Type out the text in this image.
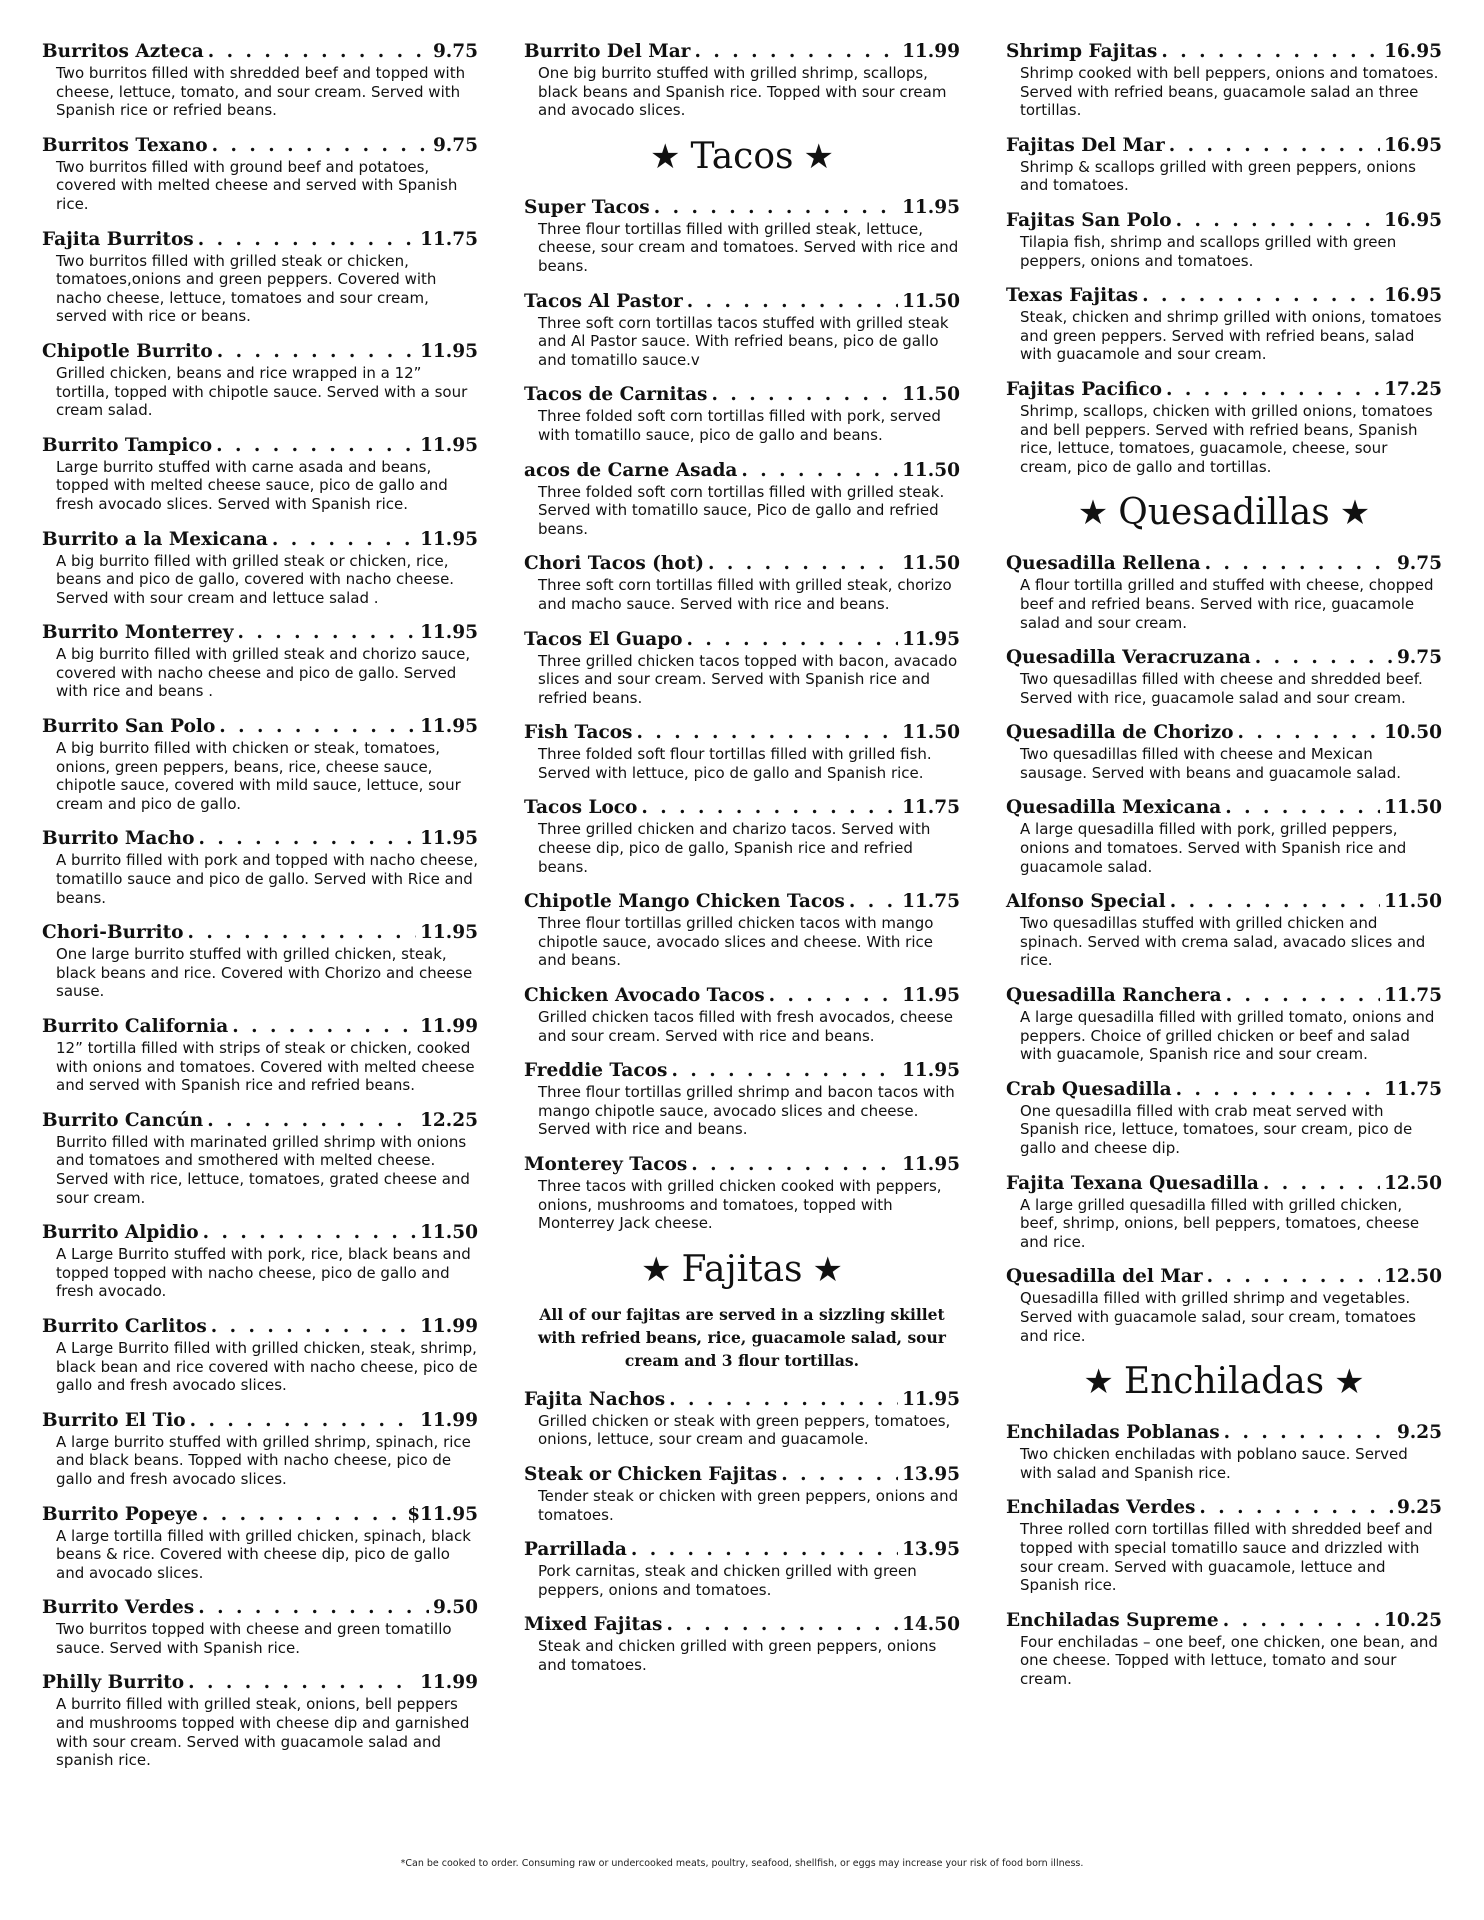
Burritos Azteca . . .	9.75
Two burritos filled with shredded beef and topped with cheese, lettuce, tomato, and sour cream. Served with Spanish rice or refried beans.
Burritos Texano . . .	9.75
Two burritos filled with ground beef and potatoes, covered with melted cheese and served with Spanish rice.
Fajita Burritos . . .	11.75
Two burritos filled with grilled steak or chicken, tomatoes,onions and green peppers. Covered with nacho cheese, lettuce, tomatoes and sour cream, served with rice or beans.
Chipotle Burrito . . .	11.95
Grilled chicken, beans and rice wrapped in a 12” tortilla, topped with chipotle sauce. Served with a sour cream salad.
Burrito Tampico . . .	11.95
Large burrito stuffed with carne asada and beans, topped with melted cheese sauce, pico de gallo and fresh avocado slices. Served with Spanish rice.
Burrito a la Mexicana . . .	11.95
A big burrito filled with grilled steak or chicken, rice, beans and pico de gallo, covered with nacho cheese. Served with sour cream and lettuce salad .
Burrito Monterrey . . .	11.95
A big burrito filled with grilled steak and chorizo sauce, covered with nacho cheese and pico de gallo. Served with rice and beans .
Burrito San Polo . . .	11.95
A big burrito filled with chicken or steak, tomatoes, onions, green peppers, beans, rice, cheese sauce, chipotle sauce, covered with mild sauce, lettuce, sour cream and pico de gallo.
Burrito Macho . . .	11.95
A burrito filled with pork and topped with nacho cheese, tomatillo sauce and pico de gallo. Served with Rice and beans.
Chori-Burrito . . .	11.95
One large burrito stuffed with grilled chicken, steak, black beans and rice. Covered with Chorizo and cheese sause.
Burrito California . . .	11.99
12” tortilla filled with strips of steak or chicken, cooked with onions and tomatoes. Covered with melted cheese and served with Spanish rice and refried beans.
Burrito Cancún . . .	12.25
Burrito filled with marinated grilled shrimp with onions and tomatoes and smothered with melted cheese. Served with rice, lettuce, tomatoes, grated cheese and sour cream.
Burrito Alpidio . . .	11.50
A Large Burrito stuffed with pork, rice, black beans and topped topped with nacho cheese, pico de gallo and fresh avocado.
Burrito Carlitos . . .	11.99
A Large Burrito filled with grilled chicken, steak, shrimp, black bean and rice covered with nacho cheese, pico de gallo and fresh avocado slices.
Burrito El Tio . . .	11.99
A large burrito stuffed with grilled shrimp, spinach, rice and black beans. Topped with nacho cheese, pico de gallo and fresh avocado slices.
Burrito Popeye . . .	$11.95
A large tortilla filled with grilled chicken, spinach, black beans & rice. Covered with cheese dip, pico de gallo and avocado slices.
Burrito Verdes . . .	9.50
Two burritos topped with cheese and green tomatillo sauce. Served with Spanish rice.
Philly Burrito . . .	11.99
A burrito filled with grilled steak, onions, bell peppers and mushrooms topped with cheese dip and garnished with sour cream. Served with guacamole salad and spanish rice.
Burrito Del Mar . . .	11.99
One big burrito stuffed with grilled shrimp, scallops, black beans and Spanish rice. Topped with sour cream and avocado slices.
★ Tacos ★
Super Tacos . . .	11.95
Three flour tortillas filled with grilled steak, lettuce, cheese, sour cream and tomatoes. Served with rice and beans.
Tacos Al Pastor . . .	11.50
Three soft corn tortillas tacos stuffed with grilled steak and Al Pastor sauce. With refried beans, pico de gallo and tomatillo sauce.v
Tacos de Carnitas . . .	11.50
Three folded soft corn tortillas filled with pork, served with tomatillo sauce, pico de gallo and beans.
acos de Carne Asada . . .	11.50
Three folded soft corn tortillas filled with grilled steak. Served with tomatillo sauce, Pico de gallo and refried beans.
Chori Tacos (hot) . . .	11.50
Three soft corn tortillas filled with grilled steak, chorizo and macho sauce. Served with rice and beans.
Tacos El Guapo . . .	11.95
Three grilled chicken tacos topped with bacon, avacado slices and sour cream. Served with Spanish rice and refried beans.
Fish Tacos . . .	11.50
Three folded soft flour tortillas filled with grilled fish. Served with lettuce, pico de gallo and Spanish rice.
Tacos Loco . . .	11.75
Three grilled chicken and charizo tacos. Served with cheese dip, pico de gallo, Spanish rice and refried beans.
Chipotle Mango Chicken Tacos . . .	11.75
Three flour tortillas grilled chicken tacos with mango chipotle sauce, avocado slices and cheese. With rice and beans.
Chicken Avocado Tacos . . .	11.95
Grilled chicken tacos filled with fresh avocados, cheese and sour cream. Served with rice and beans.
Freddie Tacos . . .	11.95
Three flour tortillas grilled shrimp and bacon tacos with mango chipotle sauce, avocado slices and cheese. Served with rice and beans.
Monterey Tacos . . .	11.95
Three tacos with grilled chicken cooked with peppers, onions, mushrooms and tomatoes, topped with Monterrey Jack cheese.
★ Fajitas ★
All of our fajitas are served in a sizzling skillet with refried beans, rice, guacamole salad, sour cream and 3 flour tortillas.
Fajita Nachos . . .	11.95
Grilled chicken or steak with green peppers, tomatoes, onions, lettuce, sour cream and guacamole.
Steak or Chicken Fajitas . . .	13.95
Tender steak or chicken with green peppers, onions and tomatoes.
Parrillada . . .	13.95
Pork carnitas, steak and chicken grilled with green peppers, onions and tomatoes.
Mixed Fajitas . . .	14.50
Steak and chicken grilled with green peppers, onions and tomatoes.
Shrimp Fajitas . . .	16.95
Shrimp cooked with bell peppers, onions and tomatoes. Served with refried beans, guacamole salad an three tortillas.
Fajitas Del Mar . . .	16.95
Shrimp & scallops grilled with green peppers, onions and tomatoes.
Fajitas San Polo . . .	16.95
Tilapia fish, shrimp and scallops grilled with green peppers, onions and tomatoes.
Texas Fajitas . . .	16.95
Steak, chicken and shrimp grilled with onions, tomatoes and green peppers. Served with refried beans, salad with guacamole and sour cream.
Fajitas Pacifico . . .	17.25
Shrimp, scallops, chicken with grilled onions, tomatoes and bell peppers. Served with refried beans, Spanish rice, lettuce, tomatoes, guacamole, cheese, sour cream, pico de gallo and tortillas.
★ Quesadillas ★
Quesadilla Rellena . . .	9.75
A flour tortilla grilled and stuffed with cheese, chopped beef and refried beans. Served with rice, guacamole salad and sour cream.
Quesadilla Veracruzana . . .	9.75
Two quesadillas filled with cheese and shredded beef. Served with rice, guacamole salad and sour cream.
Quesadilla de Chorizo . . .	10.50
Two quesadillas filled with cheese and Mexican sausage. Served with beans and guacamole salad.
Quesadilla Mexicana . . .	11.50
A large quesadilla filled with pork, grilled peppers, onions and tomatoes. Served with Spanish rice and guacamole salad.
Alfonso Special . . .	11.50
Two quesadillas stuffed with grilled chicken and spinach. Served with crema salad, avacado slices and rice.
Quesadilla Ranchera . . .	11.75
A large quesadilla filled with grilled tomato, onions and peppers. Choice of grilled chicken or beef and salad with guacamole, Spanish rice and sour cream.
Crab Quesadilla . . .	11.75
One quesadilla filled with crab meat served with Spanish rice, lettuce, tomatoes, sour cream, pico de gallo and cheese dip.
Fajita Texana Quesadilla . . .	12.50
A large grilled quesadilla filled with grilled chicken, beef, shrimp, onions, bell peppers, tomatoes, cheese and rice.
Quesadilla del Mar . . .	12.50
Quesadilla filled with grilled shrimp and vegetables. Served with guacamole salad, sour cream, tomatoes and rice.
★ Enchiladas ★
Enchiladas Poblanas . . .	9.25
Two chicken enchiladas with poblano sauce. Served with salad and Spanish rice.
Enchiladas Verdes . . .	9.25
Three rolled corn tortillas filled with shredded beef and topped with special tomatillo sauce and drizzled with sour cream. Served with guacamole, lettuce and Spanish rice.
Enchiladas Supreme . . .	10.25
Four enchiladas – one beef, one chicken, one bean, and one cheese. Topped with lettuce, tomato and sour cream.
*Can be cooked to order. Consuming raw or undercooked meats, poultry, seafood, shellfish, or eggs may increase your risk of food born illness.
